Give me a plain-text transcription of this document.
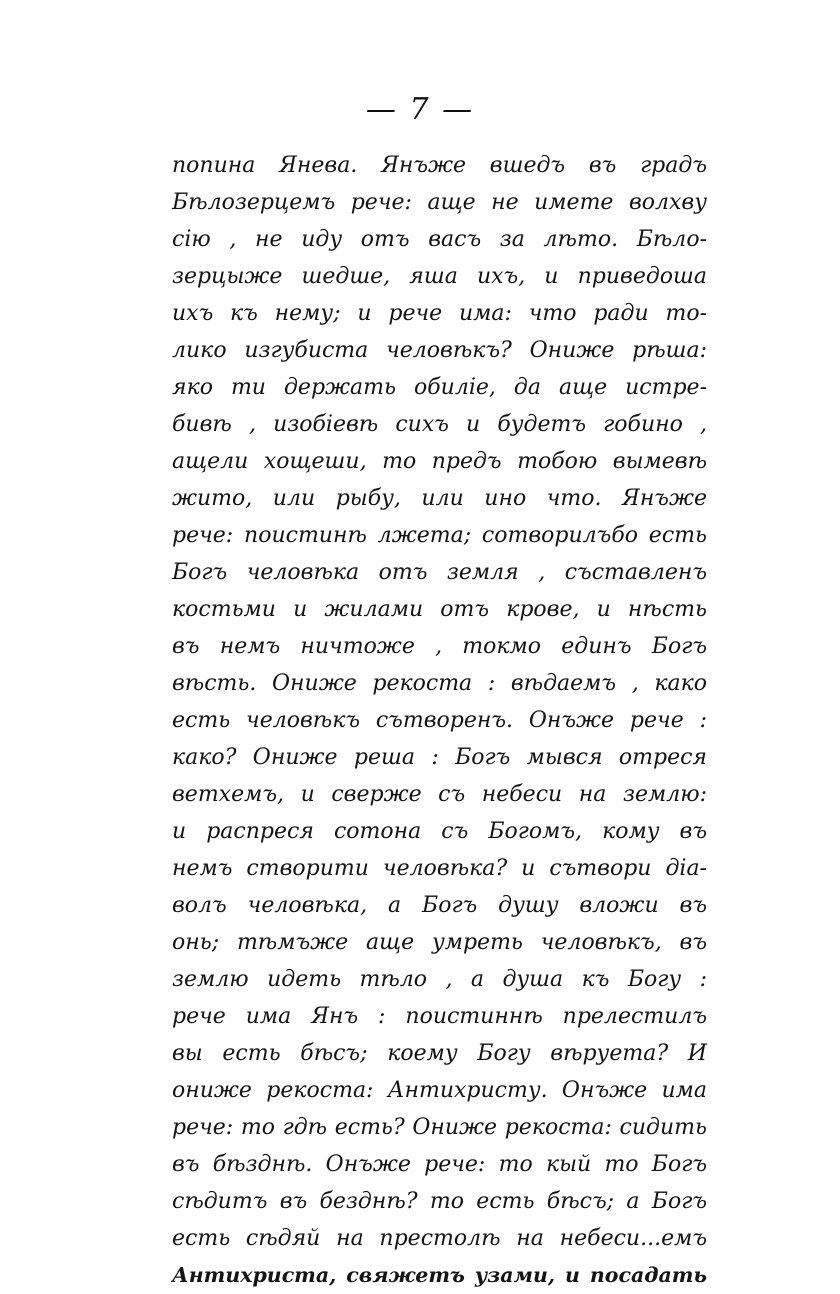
— 7 —
попина Янева. Янъже вшедъ въ градъ
Бѣлозерцемъ рече: аще не имете волхву
сію , не иду отъ васъ за лѣто. Бѣло-
зерцыже шедше, яша ихъ, и приведоша
ихъ къ нему; и рече има: что ради то-
лико изгубиста человѣкъ? Ониже рѣша:
яко ти держать обиліе, да аще истре-
бивѣ , изобіевѣ сихъ и будетъ гобино ,
ащели хощеши, то предъ тобою вымевѣ
жито, или рыбу, или ино что. Янъже
рече: поистинѣ лжета; сотворилъбо есть
Богъ человѣка отъ земля , съставленъ
костьми и жилами отъ крове, и нѣсть
въ немъ ничтоже , токмо единъ Богъ
вѣсть. Ониже рекоста : вѣдаемъ , како
есть человѣкъ сътворенъ. Онъже рече :
како? Ониже реша : Богъ мывся отреся
ветхемъ, и сверже съ небеси на землю:
и распреся сотона съ Богомъ, кому въ
немъ створити человѣка? и сътвори діа-
волъ человѣка, а Богъ душу вложи въ
онь; тѣмъже аще умреть человѣкъ, въ
землю идеть тѣло , а душа къ Богу :
рече има Янъ : поистиннѣ прелестилъ
вы есть бѣсъ; коему Богу вѣруета? И
ониже рекоста: Антихристу. Онъже има
рече: то гдѣ есть? Ониже рекоста: сидить
въ бѣзднѣ. Онъже рече: то кый то Богъ
сѣдитъ въ безднѣ? то есть бѣсъ; а Богъ
есть сѣдяй на престолѣ на небеси...емъ
Антихриста, свяжетъ узами, и посадать
